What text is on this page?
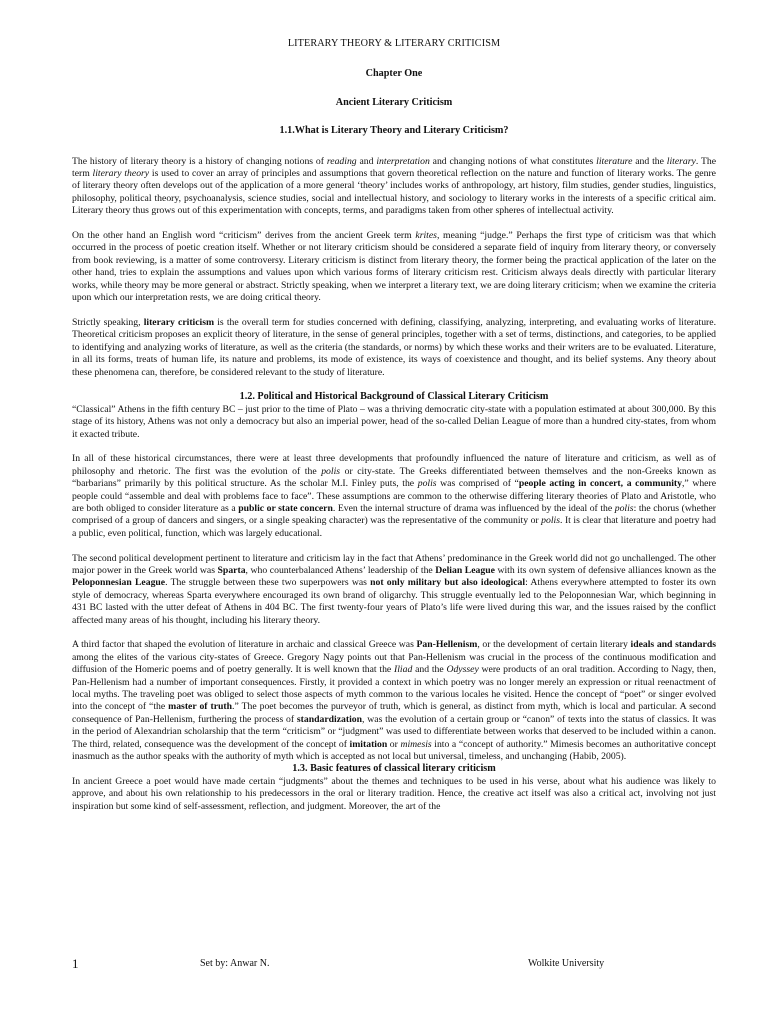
LITERARY THEORY & LITERARY CRITICISM
Chapter One
Ancient Literary Criticism
1.1.What is Literary Theory and Literary Criticism?

The history of literary theory is a history of changing notions of reading and interpretation and changing notions of what constitutes literature and the literary. The term literary theory is used to cover an array of principles and assumptions that govern theoretical reflection on the nature and function of literary works. The genre of literary theory often develops out of the application of a more general ‘theory’ includes works of anthropology, art history, film studies, gender studies, linguistics, philosophy, political theory, psychoanalysis, science studies, social and intellectual history, and sociology to literary works in the interests of a specific critical aim. Literary theory thus grows out of this experimentation with concepts, terms, and paradigms taken from other spheres of intellectual activity.

On the other hand an English word “criticism” derives from the ancient Greek term krites, meaning “judge.” Perhaps the first type of criticism was that which occurred in the process of poetic creation itself. Whether or not literary criticism should be considered a separate field of inquiry from literary theory, or conversely from book reviewing, is a matter of some controversy. Literary criticism is distinct from literary theory, the former being the practical application of the later on the other hand, tries to explain the assumptions and values upon which various forms of literary criticism rest. Criticism always deals directly with particular literary works, while theory may be more general or abstract. Strictly speaking, when we interpret a literary text, we are doing literary criticism; when we examine the criteria upon which our interpretation rests, we are doing critical theory.

Strictly speaking, literary criticism is the overall term for studies concerned with defining, classifying, analyzing, interpreting, and evaluating works of literature. Theoretical criticism proposes an explicit theory of literature, in the sense of general principles, together with a set of terms, distinctions, and categories, to be applied to identifying and analyzing works of literature, as well as the criteria (the standards, or norms) by which these works and their writers are to be evaluated. Literature, in all its forms, treats of human life, its nature and problems, its mode of existence, its ways of coexistence and thought, and its belief systems. Any theory about these phenomena can, therefore, be considered relevant to the study of literature.

1.2. Political and Historical Background of Classical Literary Criticism

“Classical” Athens in the fifth century BC – just prior to the time of Plato – was a thriving democratic city-state with a population estimated at about 300,000. By this stage of its history, Athens was not only a democracy but also an imperial power, head of the so-called Delian League of more than a hundred city-states, from whom it exacted tribute.

In all of these historical circumstances, there were at least three developments that profoundly influenced the nature of literature and criticism, as well as of philosophy and rhetoric. The first was the evolution of the polis or city-state. The Greeks differentiated between themselves and the non-Greeks known as “barbarians” primarily by this political structure. As the scholar M.I. Finley puts, the polis was comprised of “people acting in concert, a community,” where people could “assemble and deal with problems face to face”. These assumptions are common to the otherwise differing literary theories of Plato and Aristotle, who are both obliged to consider literature as a public or state concern. Even the internal structure of drama was influenced by the ideal of the polis: the chorus (whether comprised of a group of dancers and singers, or a single speaking character) was the representative of the community or polis. It is clear that literature and poetry had a public, even political, function, which was largely educational.

The second political development pertinent to literature and criticism lay in the fact that Athens’ predominance in the Greek world did not go unchallenged. The other major power in the Greek world was Sparta, who counterbalanced Athens’ leadership of the Delian League with its own system of defensive alliances known as the Peloponnesian League. The struggle between these two superpowers was not only military but also ideological: Athens everywhere attempted to foster its own style of democracy, whereas Sparta everywhere encouraged its own brand of oligarchy. This struggle eventually led to the Peloponnesian War, which beginning in 431 BC lasted with the utter defeat of Athens in 404 BC. The first twenty-four years of Plato’s life were lived during this war, and the issues raised by the conflict affected many areas of his thought, including his literary theory.

A third factor that shaped the evolution of literature in archaic and classical Greece was Pan-Hellenism, or the development of certain literary ideals and standards among the elites of the various city-states of Greece. Gregory Nagy points out that Pan-Hellenism was crucial in the process of the continuous modification and diffusion of the Homeric poems and of poetry generally. It is well known that the Iliad and the Odyssey were products of an oral tradition. According to Nagy, then, Pan-Hellenism had a number of important consequences. Firstly, it provided a context in which poetry was no longer merely an expression or ritual reenactment of local myths. The traveling poet was obliged to select those aspects of myth common to the various locales he visited. Hence the concept of “poet” or singer evolved into the concept of “the master of truth.” The poet becomes the purveyor of truth, which is general, as distinct from myth, which is local and particular. A second consequence of Pan-Hellenism, furthering the process of standardization, was the evolution of a certain group or “canon” of texts into the status of classics. It was in the period of Alexandrian scholarship that the term “criticism” or “judgment” was used to differentiate between works that deserved to be included within a canon. The third, related, consequence was the development of the concept of imitation or mimesis into a “concept of authority.” Mimesis becomes an authoritative concept inasmuch as the author speaks with the authority of myth which is accepted as not local but universal, timeless, and unchanging (Habib, 2005).

1.3. Basic features of classical literary criticism

In ancient Greece a poet would have made certain “judgments” about the themes and techniques to be used in his verse, about what his audience was likely to approve, and about his own relationship to his predecessors in the oral or literary tradition. Hence, the creative act itself was also a critical act, involving not just inspiration but some kind of self-assessment, reflection, and judgment. Moreover, the art of the

1	Set by: Anwar N.	Wolkite University
